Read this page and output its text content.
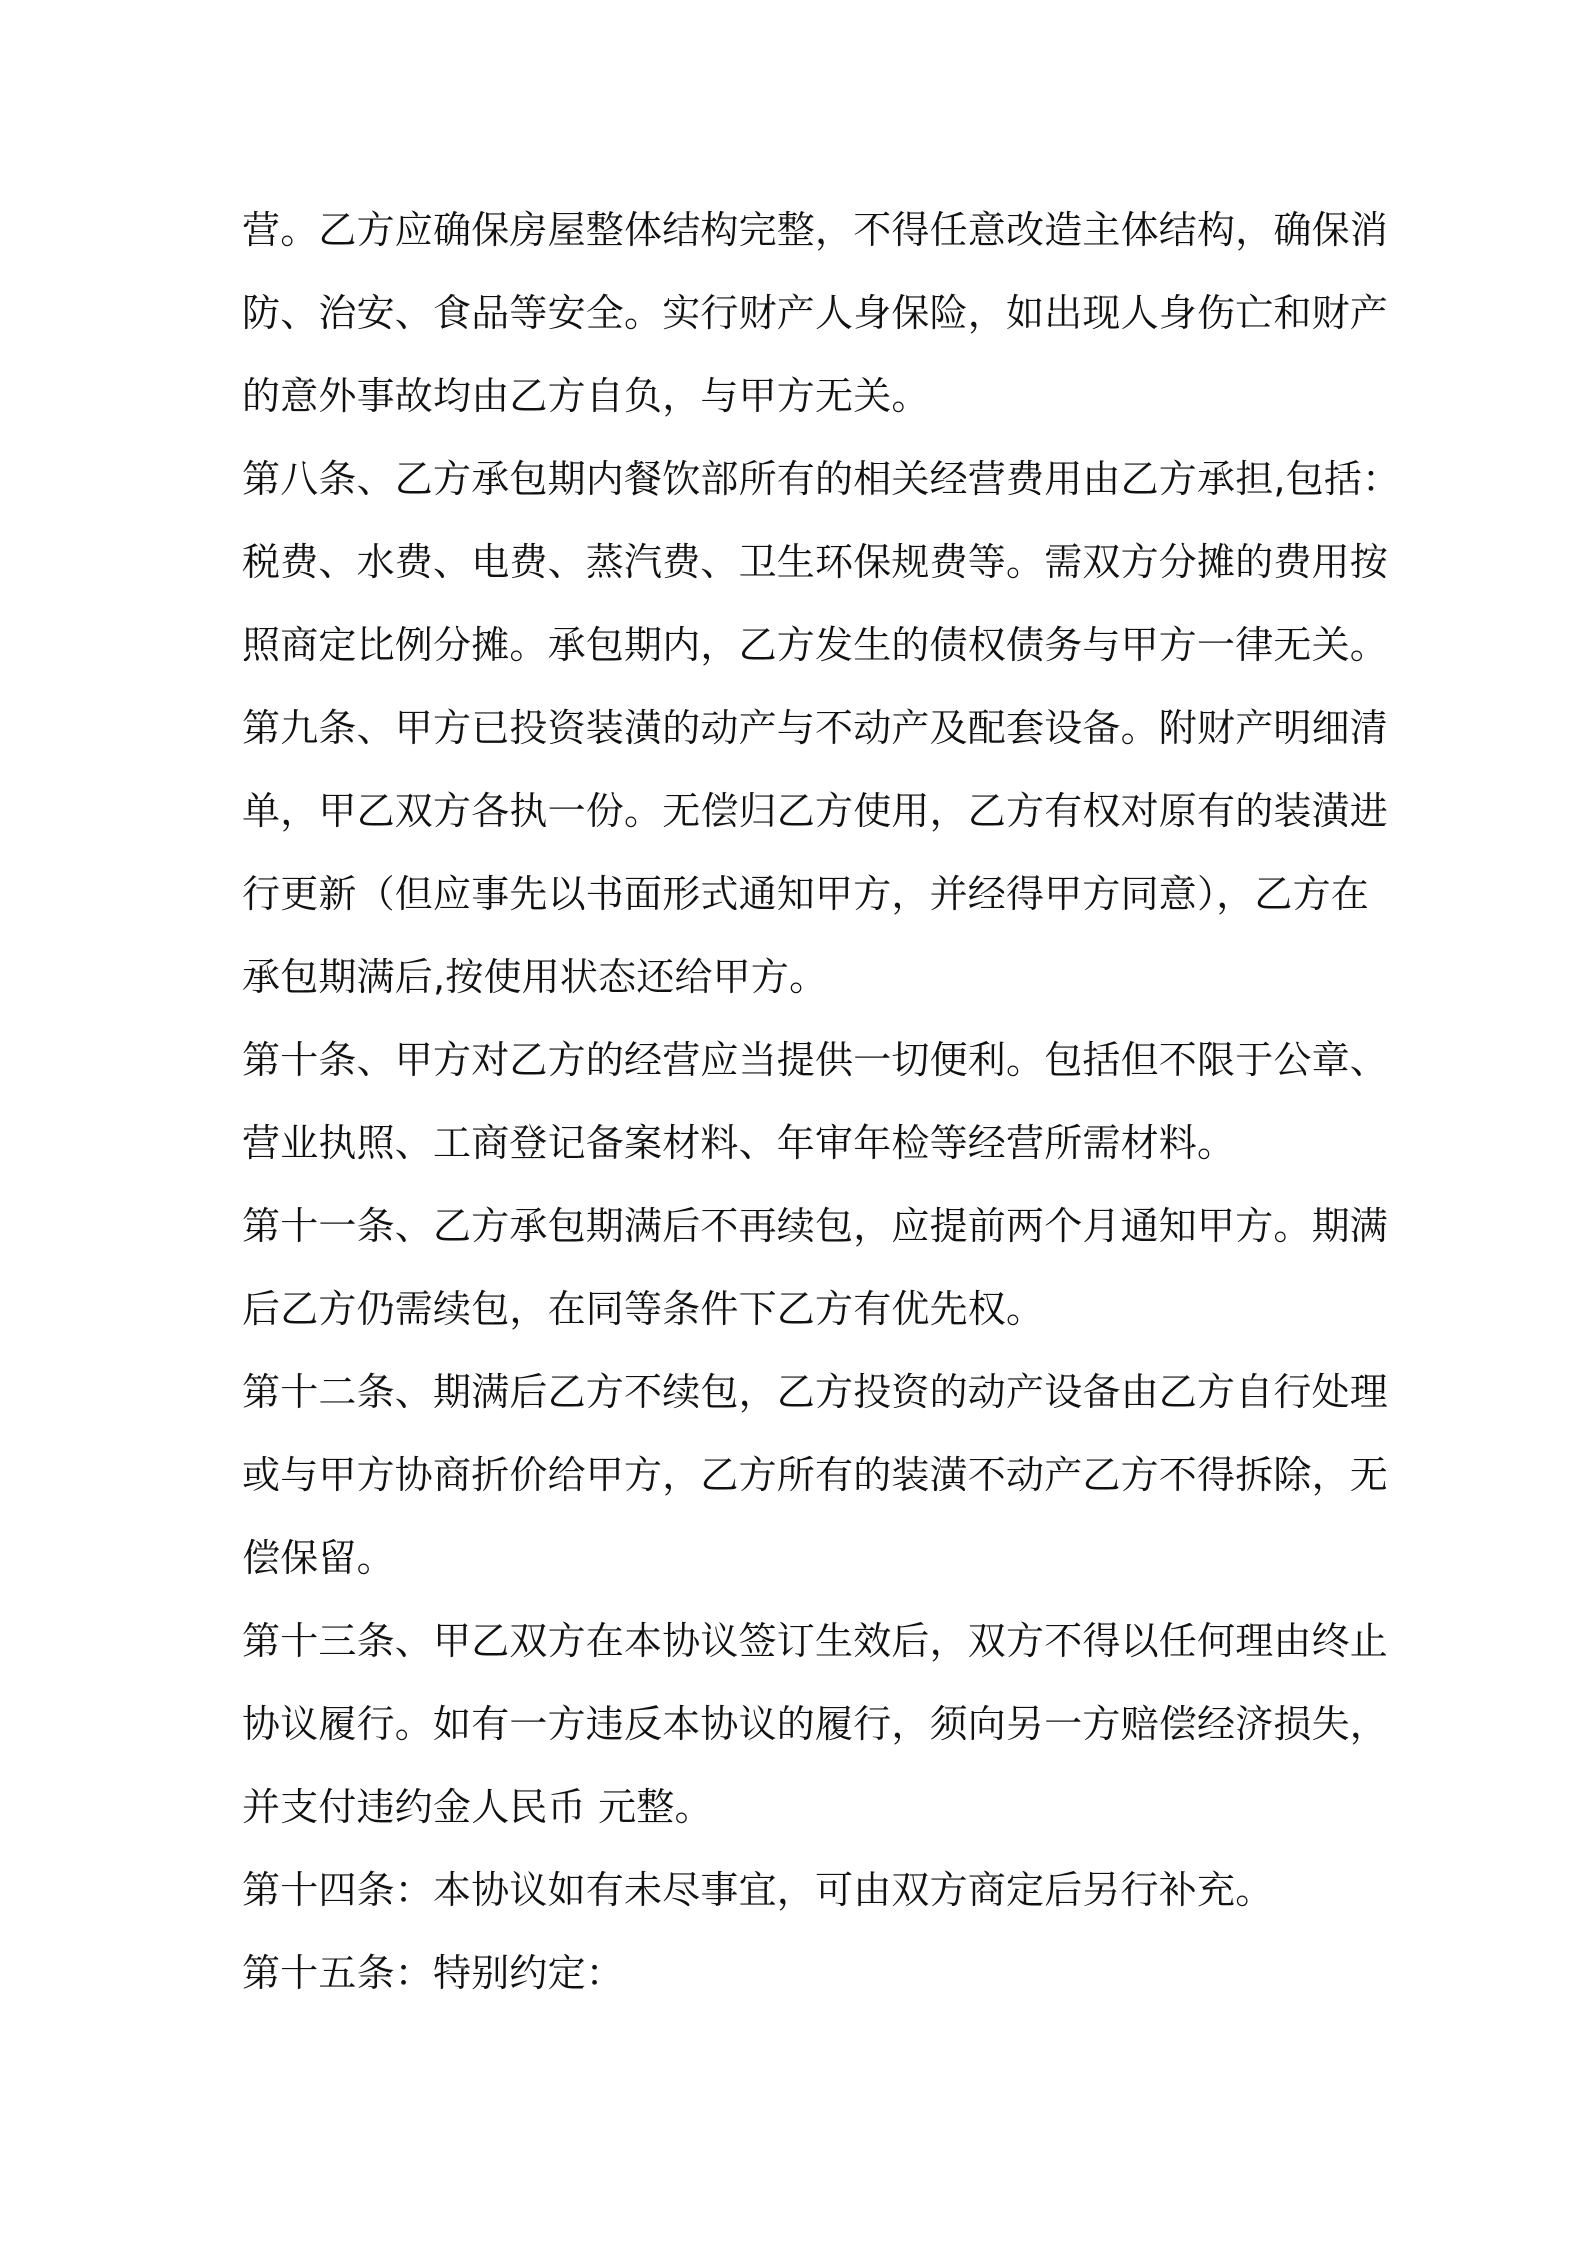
营。乙方应确保房屋整体结构完整，不得任意改造主体结构，确保消
防、治安、食品等安全。实行财产人身保险，如出现人身伤亡和财产
的意外事故均由乙方自负，与甲方无关。
第八条、乙方承包期内餐饮部所有的相关经营费用由乙方承担,包括：
税费、水费、电费、蒸汽费、卫生环保规费等。需双方分摊的费用按
照商定比例分摊。承包期内，乙方发生的债权债务与甲方一律无关。
第九条、甲方已投资装潢的动产与不动产及配套设备。附财产明细清
单，甲乙双方各执一份。无偿归乙方使用，乙方有权对原有的装潢进
行更新（但应事先以书面形式通知甲方，并经得甲方同意），乙方在
承包期满后,按使用状态还给甲方。
第十条、甲方对乙方的经营应当提供一切便利。包括但不限于公章、
营业执照、工商登记备案材料、年审年检等经营所需材料。
第十一条、乙方承包期满后不再续包，应提前两个月通知甲方。期满
后乙方仍需续包，在同等条件下乙方有优先权。
第十二条、期满后乙方不续包，乙方投资的动产设备由乙方自行处理
或与甲方协商折价给甲方，乙方所有的装潢不动产乙方不得拆除，无
偿保留。
第十三条、甲乙双方在本协议签订生效后，双方不得以任何理由终止
协议履行。如有一方违反本协议的履行，须向另一方赔偿经济损失，
并支付违约金人民币 元整。
第十四条：本协议如有未尽事宜，可由双方商定后另行补充。
第十五条：特别约定：
